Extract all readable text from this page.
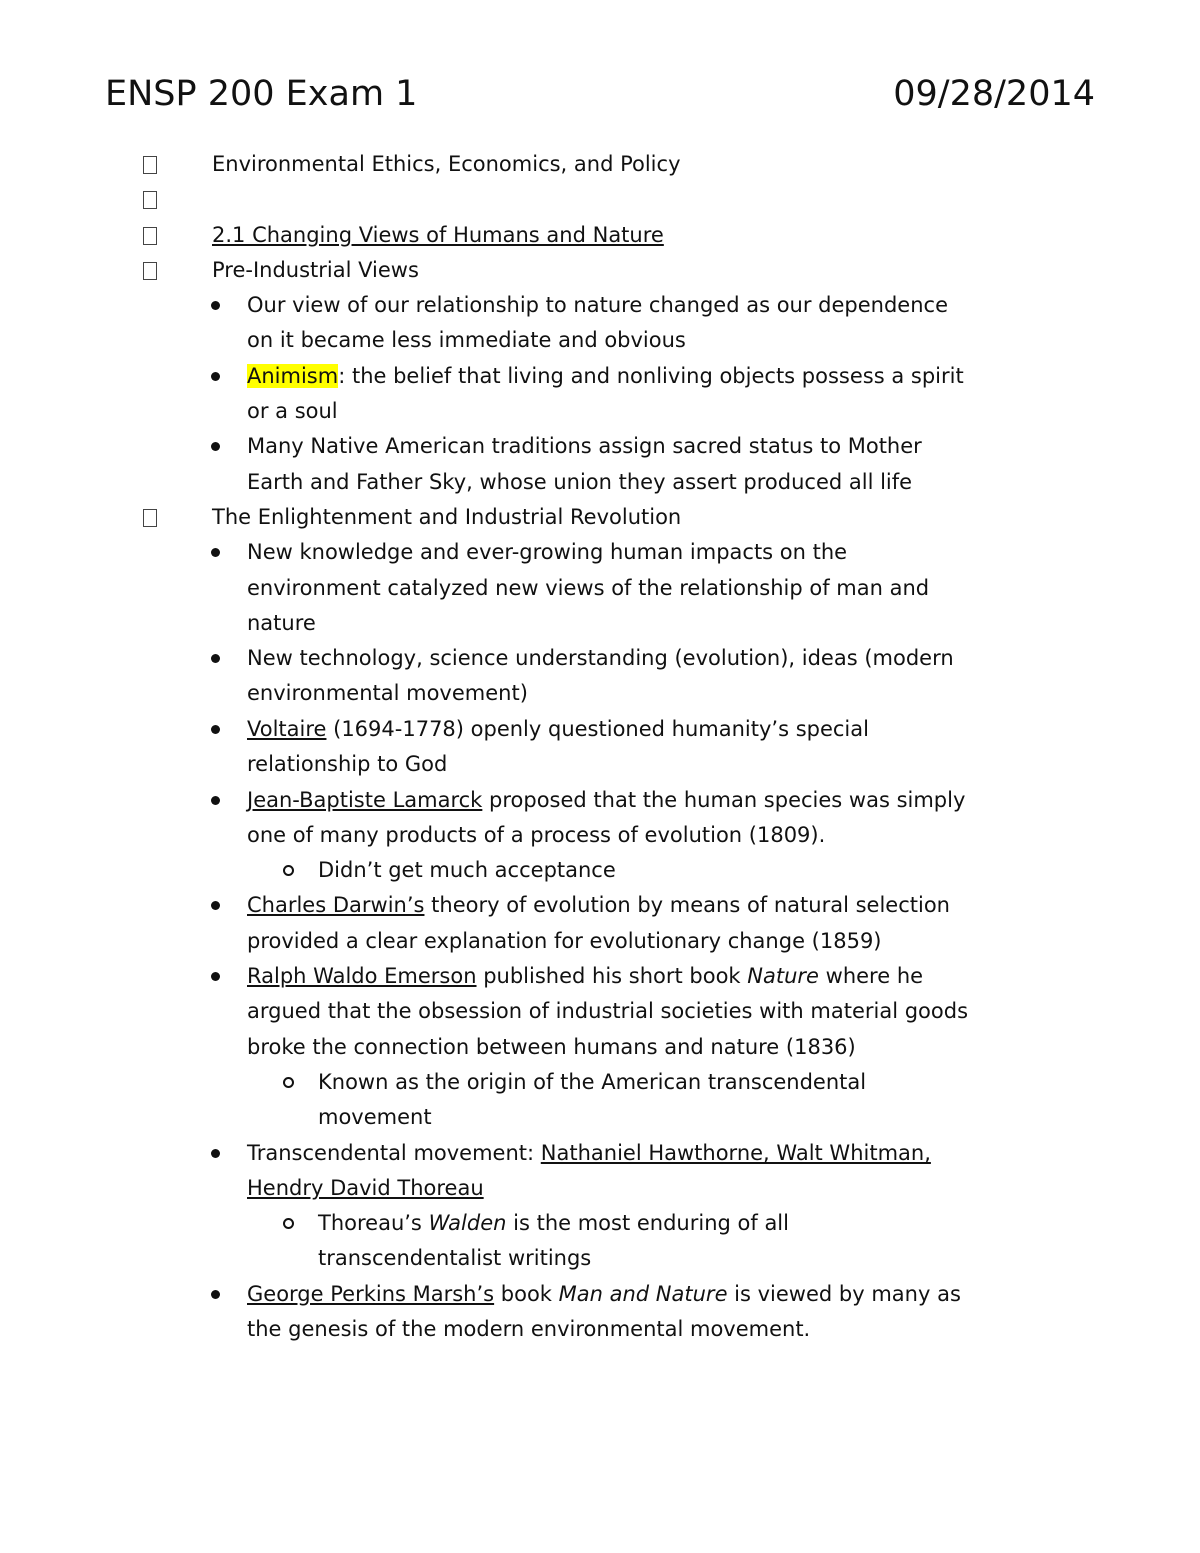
ENSP 200 Exam 1	09/28/2014
Environmental Ethics, Economics, and Policy
2.1 Changing Views of Humans and Nature
Pre-Industrial Views
Our view of our relationship to nature changed as our dependence
on it became less immediate and obvious
Animism: the belief that living and nonliving objects possess a spirit
or a soul
Many Native American traditions assign sacred status to Mother
Earth and Father Sky, whose union they assert produced all life
The Enlightenment and Industrial Revolution
New knowledge and ever-growing human impacts on the
environment catalyzed new views of the relationship of man and
nature
New technology, science understanding (evolution), ideas (modern
environmental movement)
Voltaire (1694-1778) openly questioned humanity’s special
relationship to God
Jean-Baptiste Lamarck proposed that the human species was simply
one of many products of a process of evolution (1809).
Didn’t get much acceptance
Charles Darwin’s theory of evolution by means of natural selection
provided a clear explanation for evolutionary change (1859)
Ralph Waldo Emerson published his short book Nature where he
argued that the obsession of industrial societies with material goods
broke the connection between humans and nature (1836)
Known as the origin of the American transcendental
movement
Transcendental movement: Nathaniel Hawthorne, Walt Whitman,
Hendry David Thoreau
Thoreau’s Walden is the most enduring of all
transcendentalist writings
George Perkins Marsh’s book Man and Nature is viewed by many as
the genesis of the modern environmental movement.
